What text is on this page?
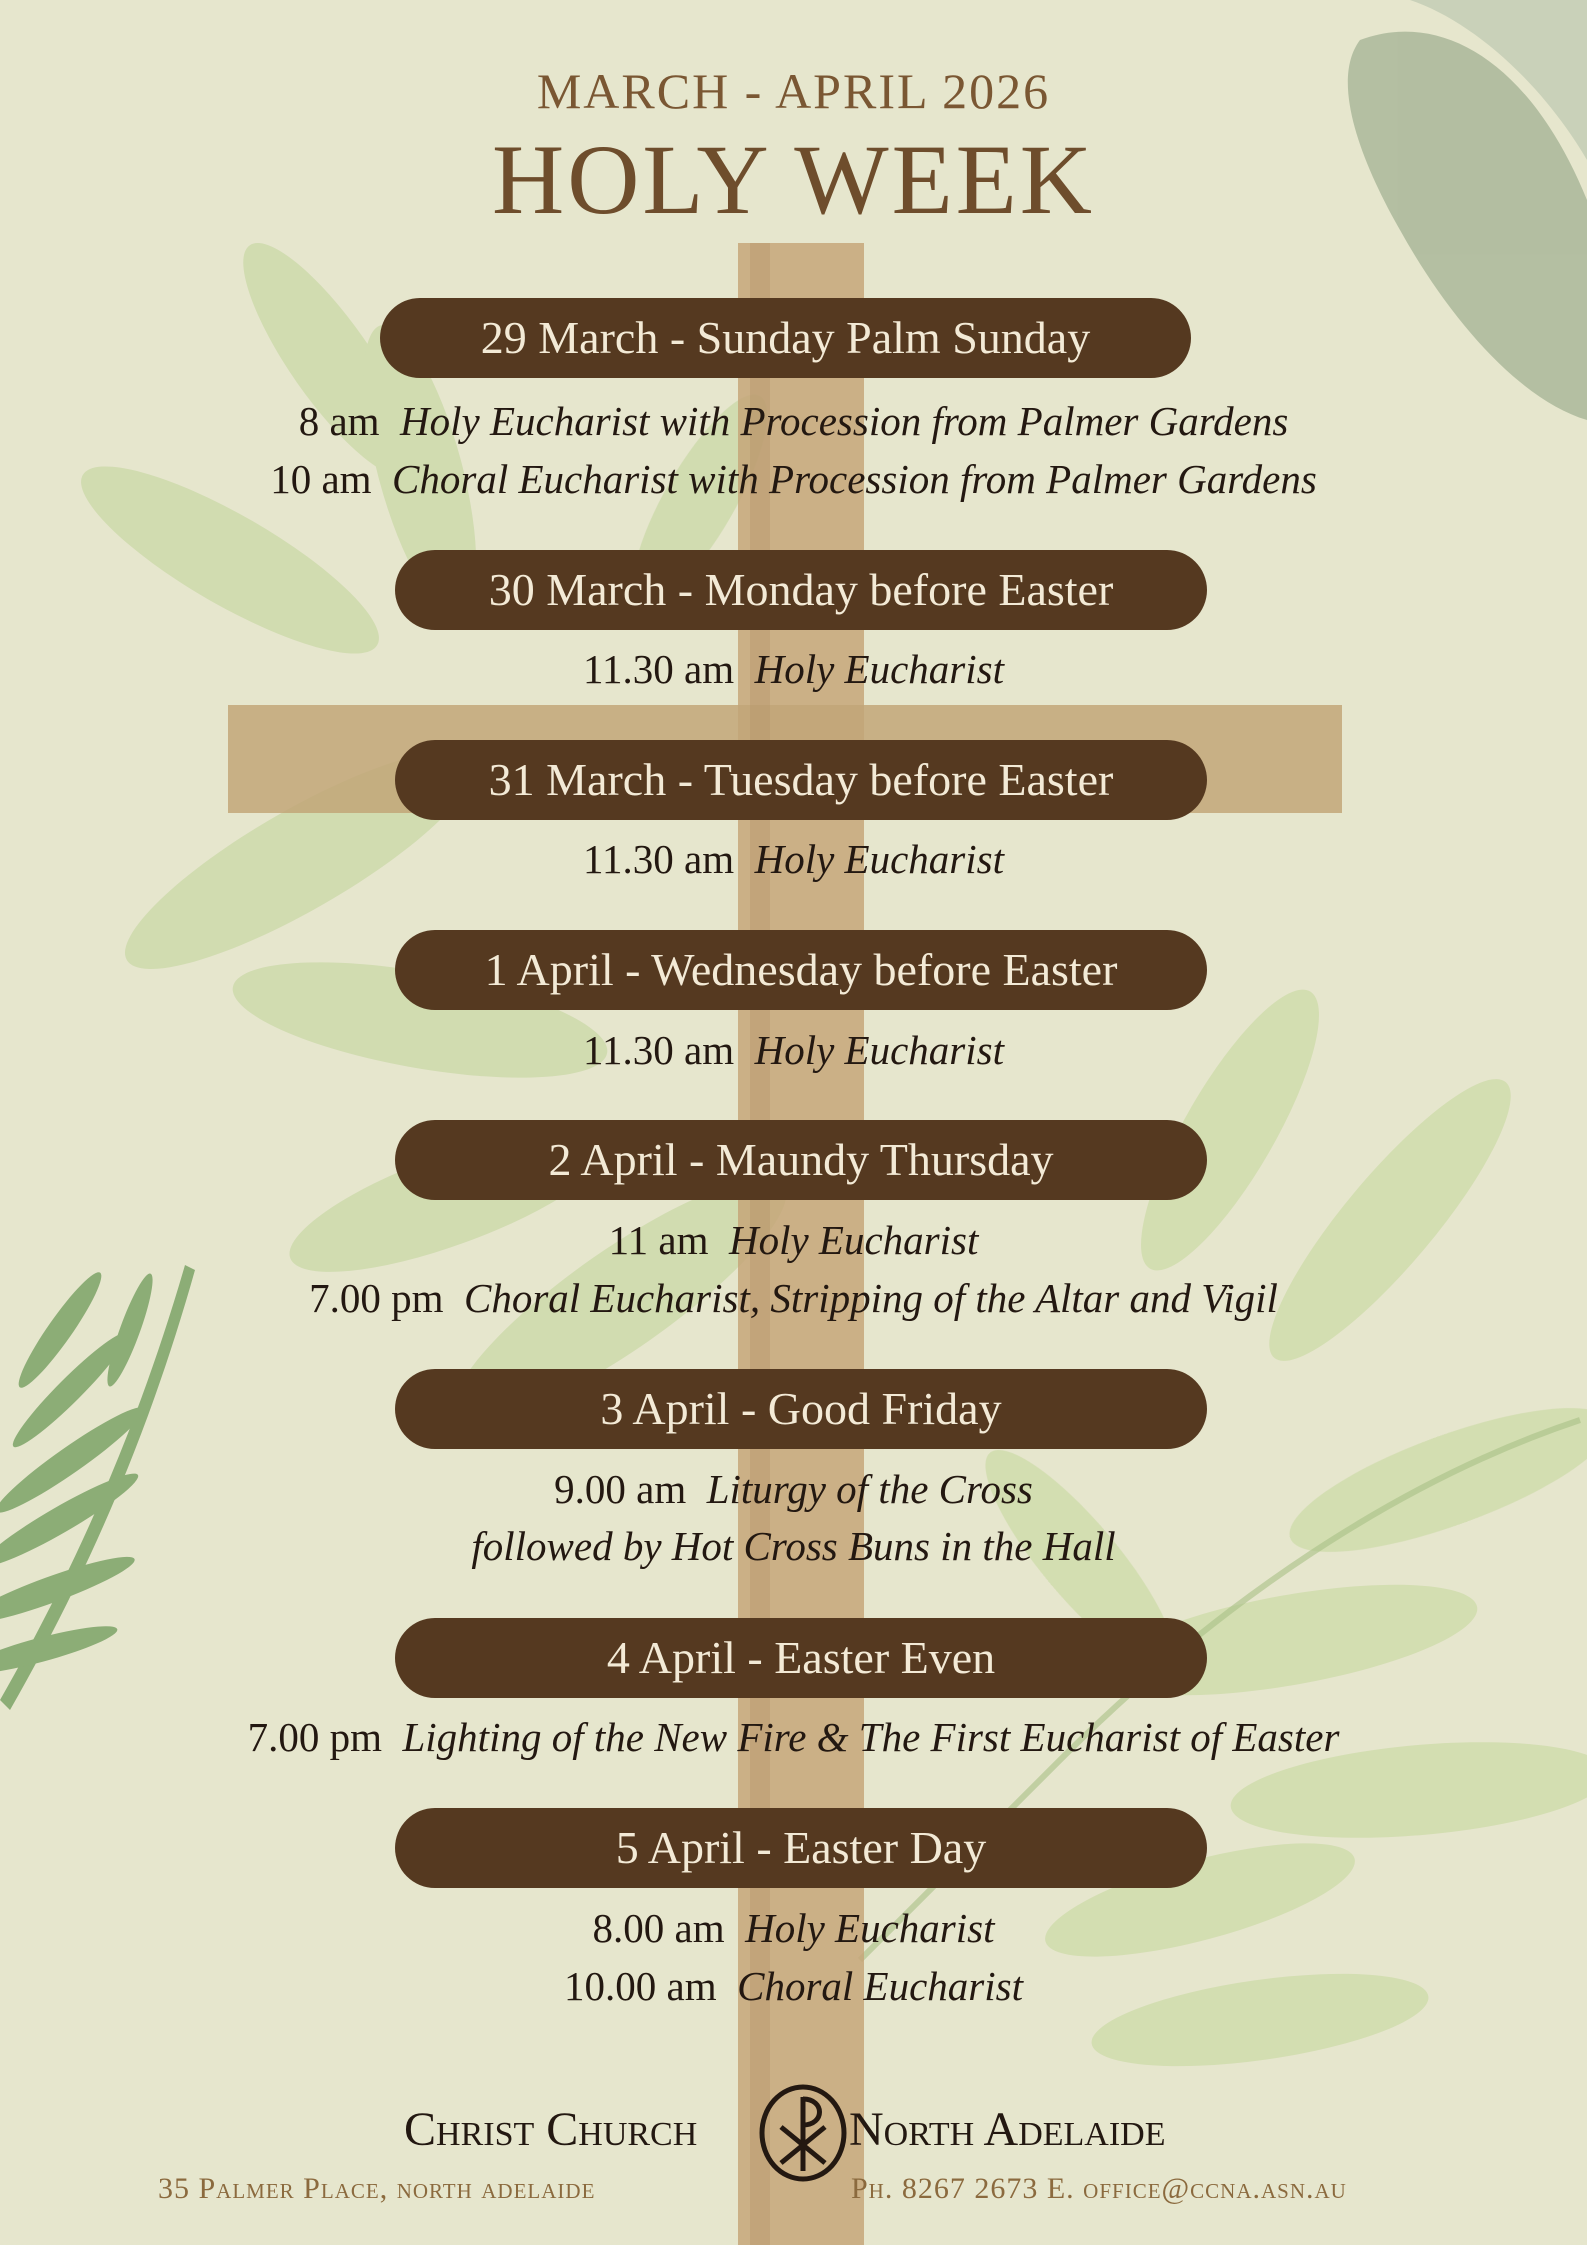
MARCH - APRIL 2026
HOLY WEEK
29 March - Sunday Palm Sunday
8 am Holy Eucharist with Procession from Palmer Gardens
10 am Choral Eucharist with Procession from Palmer Gardens
30 March - Monday before Easter
11.30 am Holy Eucharist
31 March - Tuesday before Easter
11.30 am Holy Eucharist
1 April - Wednesday before Easter
11.30 am Holy Eucharist
2 April - Maundy Thursday
11 am Holy Eucharist
7.00 pm Choral Eucharist, Stripping of the Altar and Vigil
3 April - Good Friday
9.00 am Liturgy of the Cross
followed by Hot Cross Buns in the Hall
4 April - Easter Even
7.00 pm Lighting of the New Fire & The First Eucharist of Easter
5 April - Easter Day
8.00 am Holy Eucharist
10.00 am Choral Eucharist
Christ Church	North Adelaide
35 Palmer Place, north adelaide	Ph. 8267 2673 E. office@ccna.asn.au
